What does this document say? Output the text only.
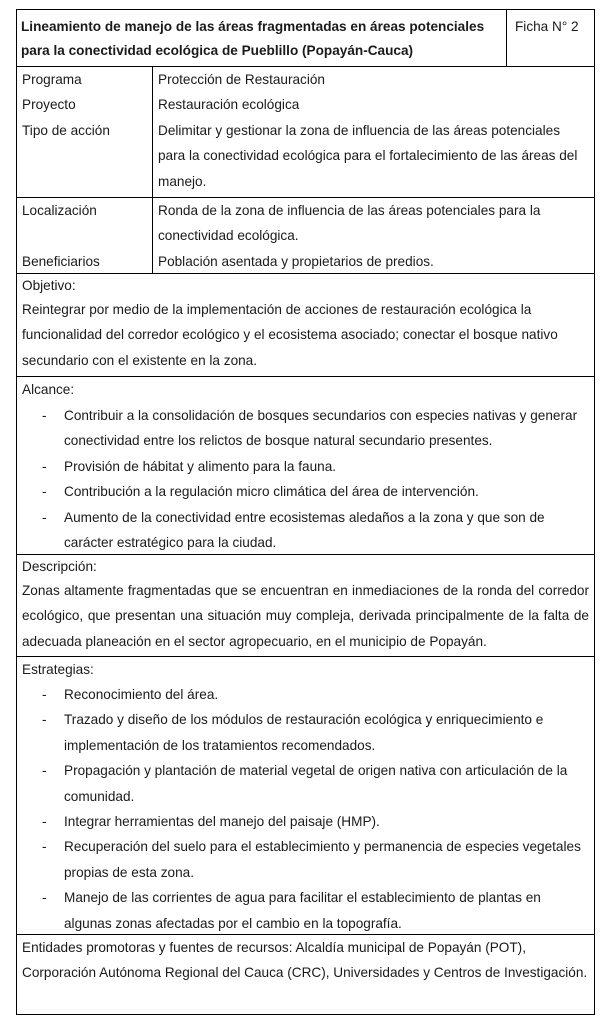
Lineamiento de manejo de las áreas fragmentadas en áreas potenciales para la conectividad ecológica de Pueblillo (Popayán-Cauca)
Ficha N° 2
Programa
Proyecto
Tipo de acción
Protección de Restauración
Restauración ecológica
Delimitar y gestionar la zona de influencia de las áreas potenciales para la conectividad ecológica para el fortalecimiento de las áreas del manejo.
Localización
Beneficiarios
Ronda de la zona de influencia de las áreas potenciales para la conectividad ecológica.
Población asentada y propietarios de predios.
Objetivo:
Reintegrar por medio de la implementación de acciones de restauración ecológica la funcionalidad del corredor ecológico y el ecosistema asociado; conectar el bosque nativo secundario con el existente en la zona.
Alcance:
- Contribuir a la consolidación de bosques secundarios con especies nativas y generar conectividad entre los relictos de bosque natural secundario presentes.
- Provisión de hábitat y alimento para la fauna.
- Contribución a la regulación micro climática del área de intervención.
- Aumento de la conectividad entre ecosistemas aledaños a la zona y que son de carácter estratégico para la ciudad.
Descripción:
Zonas altamente fragmentadas que se encuentran en inmediaciones de la ronda del corredor ecológico, que presentan una situación muy compleja, derivada principalmente de la falta de adecuada planeación en el sector agropecuario, en el municipio de Popayán.
Estrategias:
- Reconocimiento del área.
- Trazado y diseño de los módulos de restauración ecológica y enriquecimiento e implementación de los tratamientos recomendados.
- Propagación y plantación de material vegetal de origen nativa con articulación de la comunidad.
- Integrar herramientas del manejo del paisaje (HMP).
- Recuperación del suelo para el establecimiento y permanencia de especies vegetales propias de esta zona.
- Manejo de las corrientes de agua para facilitar el establecimiento de plantas en algunas zonas afectadas por el cambio en la topografía.
Entidades promotoras y fuentes de recursos: Alcaldía municipal de Popayán (POT), Corporación Autónoma Regional del Cauca (CRC), Universidades y Centros de Investigación.
